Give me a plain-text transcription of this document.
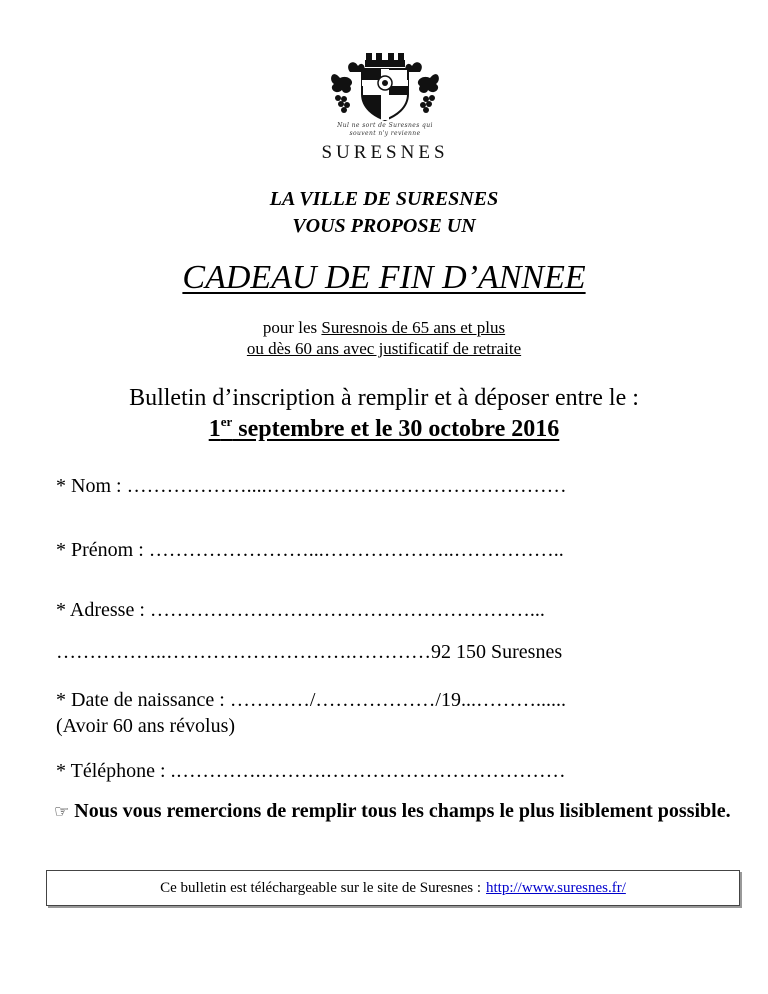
Nul ne sort de Suresnes qui
souvent n'y revienne
SURESNES
LA VILLE DE SURESNES
VOUS PROPOSE UN
CADEAU DE FIN D’ANNEE
pour les Suresnois de 65 ans et plus
ou dès 60 ans avec justificatif de retraite
Bulletin d’inscription à remplir et à déposer entre le :
1er septembre et le 30 octobre 2016
* Nom : ………………....………………………………………
* Prénom : ……………………...………………..……………..
* Adresse : …………………………………………………...
……………..……………………….…………92 150 Suresnes
* Date de naissance : …………/………………/19...………......
(Avoir 60 ans révolus)
* Téléphone : .………….……….………………………………
☞ Nous vous remercions de remplir tous les champs le plus lisiblement possible.
Ce bulletin est téléchargeable sur le site de Suresnes : http://www.suresnes.fr/
